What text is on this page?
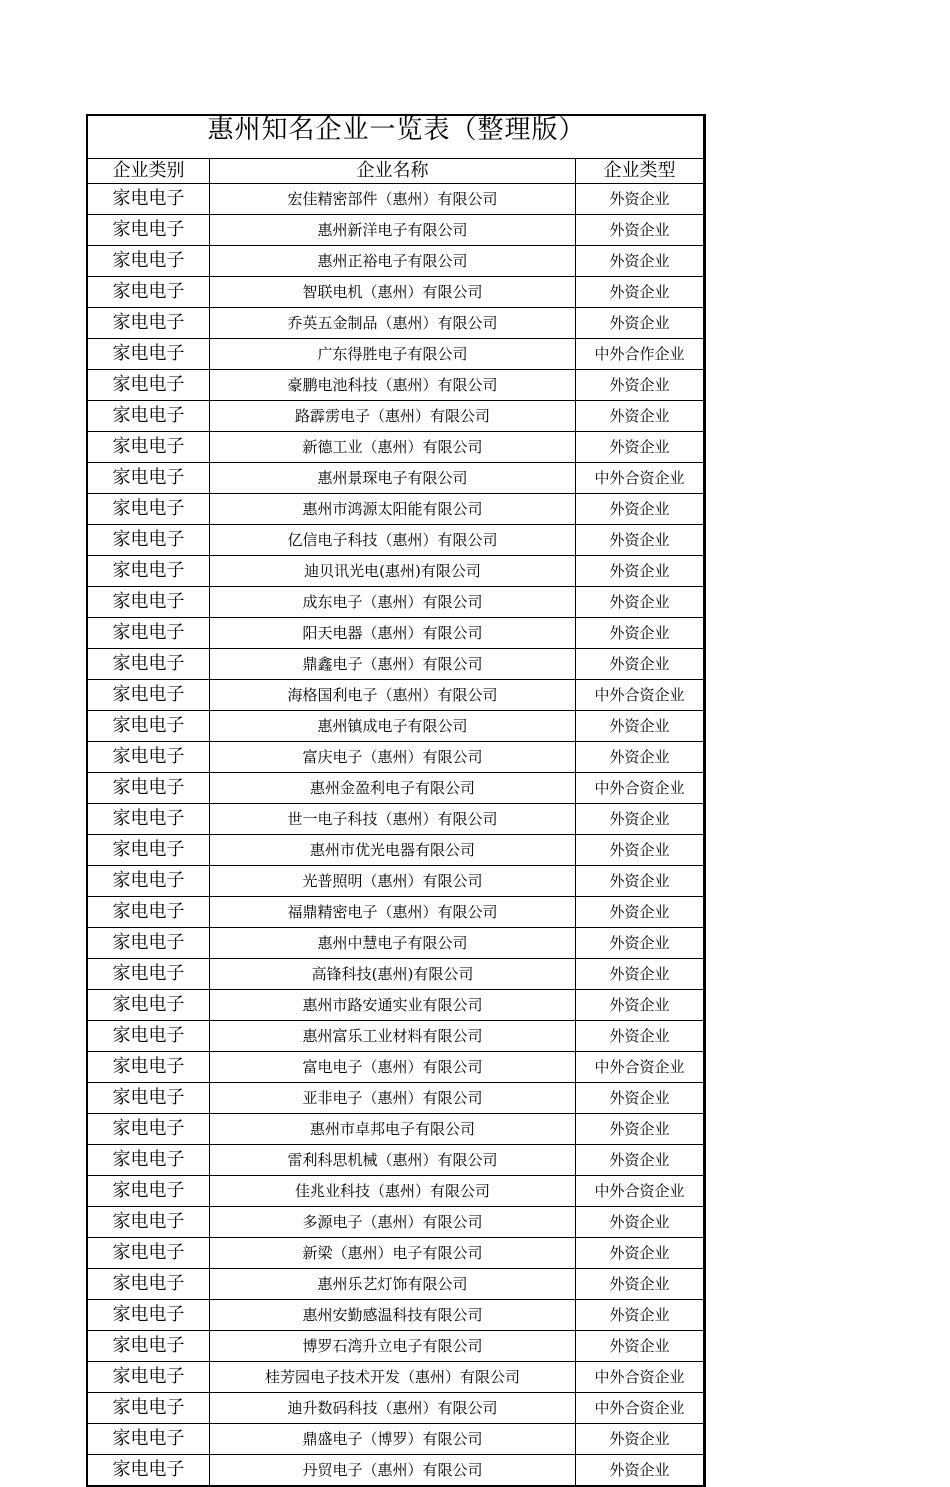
惠州知名企业一览表（整理版）
企业类别	企业名称	企业类型
家电电子	宏佳精密部件（惠州）有限公司	外资企业
家电电子	惠州新洋电子有限公司	外资企业
家电电子	惠州正裕电子有限公司	外资企业
家电电子	智联电机（惠州）有限公司	外资企业
家电电子	乔英五金制品（惠州）有限公司	外资企业
家电电子	广东得胜电子有限公司	中外合作企业
家电电子	豪鹏电池科技（惠州）有限公司	外资企业
家电电子	路霹雳电子（惠州）有限公司	外资企业
家电电子	新德工业（惠州）有限公司	外资企业
家电电子	惠州景琛电子有限公司	中外合资企业
家电电子	惠州市鸿源太阳能有限公司	外资企业
家电电子	亿信电子科技（惠州）有限公司	外资企业
家电电子	迪贝讯光电(惠州)有限公司	外资企业
家电电子	成东电子（惠州）有限公司	外资企业
家电电子	阳天电器（惠州）有限公司	外资企业
家电电子	鼎鑫电子（惠州）有限公司	外资企业
家电电子	海格国利电子（惠州）有限公司	中外合资企业
家电电子	惠州镇成电子有限公司	外资企业
家电电子	富庆电子（惠州）有限公司	外资企业
家电电子	惠州金盈利电子有限公司	中外合资企业
家电电子	世一电子科技（惠州）有限公司	外资企业
家电电子	惠州市优光电器有限公司	外资企业
家电电子	光普照明（惠州）有限公司	外资企业
家电电子	福鼎精密电子（惠州）有限公司	外资企业
家电电子	惠州中慧电子有限公司	外资企业
家电电子	高锋科技(惠州)有限公司	外资企业
家电电子	惠州市路安通实业有限公司	外资企业
家电电子	惠州富乐工业材料有限公司	外资企业
家电电子	富电电子（惠州）有限公司	中外合资企业
家电电子	亚非电子（惠州）有限公司	外资企业
家电电子	惠州市卓邦电子有限公司	外资企业
家电电子	雷利科思机械（惠州）有限公司	外资企业
家电电子	佳兆业科技（惠州）有限公司	中外合资企业
家电电子	多源电子（惠州）有限公司	外资企业
家电电子	新梁（惠州）电子有限公司	外资企业
家电电子	惠州乐艺灯饰有限公司	外资企业
家电电子	惠州安勤感温科技有限公司	外资企业
家电电子	博罗石湾升立电子有限公司	外资企业
家电电子	桂芳园电子技术开发（惠州）有限公司	中外合资企业
家电电子	迪升数码科技（惠州）有限公司	中外合资企业
家电电子	鼎盛电子（博罗）有限公司	外资企业
家电电子	丹贸电子（惠州）有限公司	外资企业
